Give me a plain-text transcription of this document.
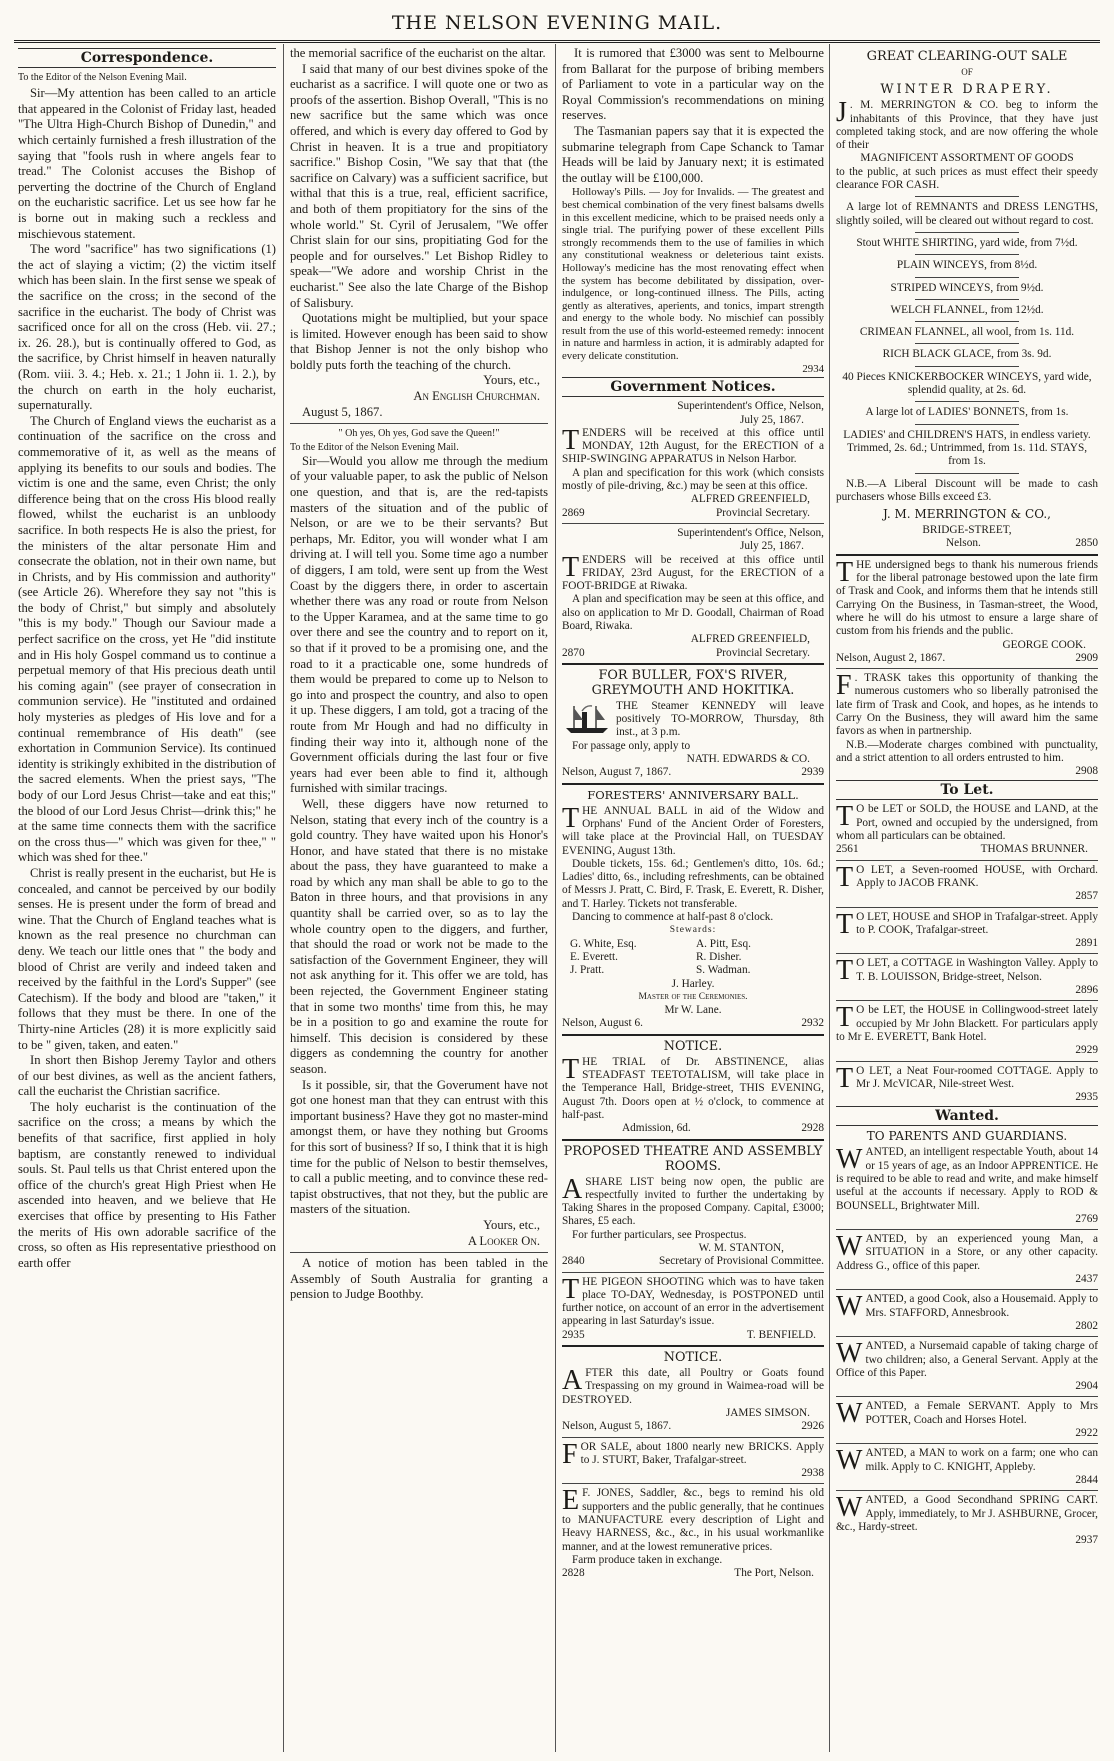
THE NELSON EVENING MAIL.
Correspondence.
To the Editor of the Nelson Evening Mail.

Sir—My attention has been called to an article that appeared in the Colonist of Friday last, headed "The Ultra High-Church Bishop of Dunedin," and which certainly furnished a fresh illustration of the saying that "fools rush in where angels fear to tread." The Colonist accuses the Bishop of perverting the doctrine of the Church of England on the eucharistic sacrifice. Let us see how far he is borne out in making such a reckless and mischievous statement.

The word "sacrifice" has two significations (1) the act of slaying a victim; (2) the victim itself which has been slain. In the first sense we speak of the sacrifice on the cross; in the second of the sacrifice in the eucharist. The body of Christ was sacrificed once for all on the cross (Heb. vii. 27.; ix. 26. 28.), but is continually offered to God, as the sacrifice, by Christ himself in heaven naturally (Rom. viii. 3. 4.; Heb. x. 21.; 1 John ii. 1. 2.), by the church on earth in the holy eucharist, supernaturally.

The Church of England views the eucharist as a continuation of the sacrifice on the cross and commemorative of it, as well as the means of applying its benefits to our souls and bodies. The victim is one and the same, even Christ; the only difference being that on the cross His blood really flowed, whilst the eucharist is an unbloody sacrifice. In both respects He is also the priest, for the ministers of the altar personate Him and consecrate the oblation, not in their own name, but in Christs, and by His commission and authority" (see Article 26). Wherefore they say not "this is the body of Christ," but simply and absolutely "this is my body." Though our Saviour made a perfect sacrifice on the cross, yet He "did institute and in His holy Gospel command us to continue a perpetual memory of that His precious death until his coming again" (see prayer of consecration in communion service). He "instituted and ordained holy mysteries as pledges of His love and for a continual remembrance of His death" (see exhortation in Communion Service). Its continued identity is strikingly exhibited in the distribution of the sacred elements. When the priest says, "The body of our Lord Jesus Christ—take and eat this;" the blood of our Lord Jesus Christ—drink this;" he at the same time connects them with the sacrifice on the cross thus—" which was given for thee," " which was shed for thee."

Christ is really present in the eucharist, but He is concealed, and cannot be perceived by our bodily senses. He is present under the form of bread and wine. That the Church of England teaches what is known as the real presence no churchman can deny. We teach our little ones that " the body and blood of Christ are verily and indeed taken and received by the faithful in the Lord's Supper" (see Catechism). If the body and blood are "taken," it follows that they must be there. In one of the Thirty-nine Articles (28) it is more explicitly said to be " given, taken, and eaten."

In short then Bishop Jeremy Taylor and others of our best divines, as well as the ancient fathers, call the eucharist the Christian sacrifice.

The holy eucharist is the continuation of the sacrifice on the cross; a means by which the benefits of that sacrifice, first applied in holy baptism, are constantly renewed to individual souls. St. Paul tells us that Christ entered upon the office of the church's great High Priest when He ascended into heaven, and we believe that He exercises that office by presenting to His Father the merits of His own adorable sacrifice of the cross, so often as His representative priesthood on earth offer

the memorial sacrifice of the eucharist on the altar.

I said that many of our best divines spoke of the eucharist as a sacrifice. I will quote one or two as proofs of the assertion. Bishop Overall, "This is no new sacrifice but the same which was once offered, and which is every day offered to God by Christ in heaven. It is a true and propitiatory sacrifice." Bishop Cosin, "We say that that (the sacrifice on Calvary) was a sufficient sacrifice, but withal that this is a true, real, efficient sacrifice, and both of them propitiatory for the sins of the whole world." St. Cyril of Jerusalem, "We offer Christ slain for our sins, propitiating God for the people and for ourselves." Let Bishop Ridley to speak—"We adore and worship Christ in the eucharist." See also the late Charge of the Bishop of Salisbury.

Quotations might be multiplied, but your space is limited. However enough has been said to show that Bishop Jenner is not the only bishop who boldly puts forth the teaching of the church.

Yours, etc.,
An English Churchman.
August 5, 1867.
" Oh yes, Oh yes, God save the Queen!"
To the Editor of the Nelson Evening Mail.

Sir—Would you allow me through the medium of your valuable paper, to ask the public of Nelson one question, and that is, are the red-tapists masters of the situation and of the public of Nelson, or are we to be their servants? But perhaps, Mr. Editor, you will wonder what I am driving at. I will tell you. Some time ago a number of diggers, I am told, were sent up from the West Coast by the diggers there, in order to ascertain whether there was any road or route from Nelson to the Upper Karamea, and at the same time to go over there and see the country and to report on it, so that if it proved to be a promising one, and the road to it a practicable one, some hundreds of them would be prepared to come up to Nelson to go into and prospect the country, and also to open it up. These diggers, I am told, got a tracing of the route from Mr Hough and had no difficulty in finding their way into it, although none of the Government officials during the last four or five years had ever been able to find it, although furnished with similar tracings.

Well, these diggers have now returned to Nelson, stating that every inch of the country is a gold country. They have waited upon his Honor's Honor, and have stated that there is no mistake about the pass, they have guaranteed to make a road by which any man shall be able to go to the Baton in three hours, and that provisions in any quantity shall be carried over, so as to lay the whole country open to the diggers, and further, that should the road or work not be made to the satisfaction of the Government Engineer, they will not ask anything for it. This offer we are told, has been rejected, the Government Engineer stating that in some two months' time from this, he may be in a position to go and examine the route for himself. This decision is considered by these diggers as condemning the country for another season.

Is it possible, sir, that the Goverument have not got one honest man that they can entrust with this important business? Have they got no master-mind amongst them, or have they nothing but Grooms for this sort of business? If so, I think that it is high time for the public of Nelson to bestir themselves, to call a public meeting, and to convince these red-tapist obstructives, that not they, but the public are masters of the situation.

Yours, etc.,
A Looker On.

A notice of motion has been tabled in the Assembly of South Australia for granting a pension to Judge Boothby.

It is rumored that £3000 was sent to Melbourne from Ballarat for the purpose of bribing members of Parliament to vote in a particular way on the Royal Commission's recommendations on mining reserves.

The Tasmanian papers say that it is expected the submarine telegraph from Cape Schanck to Tamar Heads will be laid by January next; it is estimated the outlay will be £100,000.

Holloway's Pills. — Joy for Invalids. — The greatest and best chemical combination of the very finest balsams dwells in this excellent medicine, which to be praised needs only a single trial. The purifying power of these excellent Pills strongly recommends them to the use of families in which any constitutional weakness or deleterious taint exists. Holloway's medicine has the most renovating effect when the system has become debilitated by dissipation, over-indulgence, or long-continued illness. The Pills, acting gently as alteratives, aperients, and tonics, impart strength and energy to the whole body. No mischief can possibly result from the use of this world-esteemed remedy: innocent in nature and harmless in action, it is admirably adapted for every delicate constitution.

2934
Government Notices.
Superintendent's Office, Nelson,
July 25, 1867.
TENDERS will be received at this office until MONDAY, 12th August, for the ERECTION of a SHIP-SWINGING APPARATUS in Nelson Harbor.
A plan and specification for this work (which consists mostly of pile-driving, &c.) may be seen at this office.
ALFRED GREENFIELD,
2869	Provincial Secretary.
Superintendent's Office, Nelson,
July 25, 1867.
TENDERS will be received at this office until FRIDAY, 23rd August, for the ERECTION of a FOOT-BRIDGE at Riwaka.
A plan and specification may be seen at this office, and also on application to Mr D. Goodall, Chairman of Road Board, Riwaka.
ALFRED GREENFIELD,
2870	Provincial Secretary.
FOR BULLER, FOX'S RIVER, GREYMOUTH AND HOKITIKA.
THE Steamer KENNEDY will leave positively TO-MORROW, Thursday, 8th inst., at 3 p.m.
For passage only, apply to
NATH. EDWARDS & CO.
Nelson, August 7, 1867.	2939
FORESTERS' ANNIVERSARY BALL.
THE ANNUAL BALL in aid of the Widow and Orphans' Fund of the Ancient Order of Foresters, will take place at the Provincial Hall, on TUESDAY EVENING, August 13th.
Double tickets, 15s. 6d.; Gentlemen's ditto, 10s. 6d.; Ladies' ditto, 6s., including refreshments, can be obtained of Messrs J. Pratt, C. Bird, F. Trask, E. Everett, R. Disher, and T. Harley. Tickets not transferable.
Dancing to commence at half-past 8 o'clock.
Stewards:
G. White, Esq.	A. Pitt, Esq.
E. Everett.	R. Disher.
J. Pratt.	S. Wadman.
J. Harley.
Master of the Ceremonies.
Mr W. Lane.
Nelson, August 6.	2932
NOTICE.
THE TRIAL of Dr. ABSTINENCE, alias STEADFAST TEETOTALISM, will take place in the Temperance Hall, Bridge-street, THIS EVENING, August 7th. Doors open at ½ o'clock, to commence at half-past.
Admission, 6d.	2928
PROPOSED THEATRE AND ASSEMBLY ROOMS.
ASHARE LIST being now open, the public are respectfully invited to further the undertaking by Taking Shares in the proposed Company. Capital, £3000; Shares, £5 each.
For further particulars, see Prospectus.
W. M. STANTON,
2840	Secretary of Provisional Committee.
THE PIGEON SHOOTING which was to have taken place TO-DAY, Wednesday, is POSTPONED until further notice, on account of an error in the advertisement appearing in last Saturday's issue.
2935	T. BENFIELD.
NOTICE.
AFTER this date, all Poultry or Goats found Trespassing on my ground in Waimea-road will be DESTROYED.
JAMES SIMSON.
Nelson, August 5, 1867.	2926
FOR SALE, about 1800 nearly new BRICKS. Apply to J. STURT, Baker, Trafalgar-street.
2938
E F. JONES, Saddler, &c., begs to remind his old supporters and the public generally, that he continues to MANUFACTURE every description of Light and Heavy HARNESS, &c., &c., in his usual workmanlike manner, and at the lowest remunerative prices.
Farm produce taken in exchange.
2828	The Port, Nelson.
GREAT CLEARING-OUT SALE
OF
WINTER DRAPERY.
J . M. MERRINGTON & CO. beg to inform the inhabitants of this Province, that they have just completed taking stock, and are now offering the whole of their
MAGNIFICENT ASSORTMENT OF GOODS
to the public, at such prices as must effect their speedy clearance FOR CASH.
A large lot of REMNANTS and DRESS LENGTHS, slightly soiled, will be cleared out without regard to cost.
Stout WHITE SHIRTING, yard wide, from 7½d.
PLAIN WINCEYS, from 8½d.
STRIPED WINCEYS, from 9½d.
WELCH FLANNEL, from 12½d.
CRIMEAN FLANNEL, all wool, from 1s. 11d.
RICH BLACK GLACE, from 3s. 9d.
40 Pieces KNICKERBOCKER WINCEYS, yard wide, splendid quality, at 2s. 6d.
A large lot of LADIES' BONNETS, from 1s.
LADIES' and CHILDREN'S HATS, in endless variety. Trimmed, 2s. 6d.; Untrimmed, from 1s. 11d. STAYS, from 1s.
N.B.—A Liberal Discount will be made to cash purchasers whose Bills exceed £3.
J. M. MERRINGTON & CO.,
BRIDGE-STREET,
Nelson.	2850
THE undersigned begs to thank his numerous friends for the liberal patronage bestowed upon the late firm of Trask and Cook, and informs them that he intends still Carrying On the Business, in Tasman-street, the Wood, where he will do his utmost to ensure a large share of custom from his friends and the public.
GEORGE COOK.
Nelson, August 2, 1867.	2909
F . TRASK takes this opportunity of thanking the numerous customers who so liberally patronised the late firm of Trask and Cook, and hopes, as he intends to Carry On the Business, they will award him the same favors as when in partnership.
N.B.—Moderate charges combined with punctuality, and a strict attention to all orders entrusted to him.
2908
To Let.
T O be LET or SOLD, the HOUSE and LAND, at the Port, owned and occupied by the undersigned, from whom all particulars can be obtained.
2561	THOMAS BRUNNER.
T O LET, a Seven-roomed HOUSE, with Orchard. Apply to JACOB FRANK.
2857
T O LET, HOUSE and SHOP in Trafalgar-street. Apply to P. COOK, Trafalgar-street.
2891
T O LET, a COTTAGE in Washington Valley. Apply to T. B. LOUISSON, Bridge-street, Nelson.
2896
T O be LET, the HOUSE in Collingwood-street lately occupied by Mr John Blackett. For particulars apply to Mr E. EVERETT, Bank Hotel.
2929
T O LET, a Neat Four-roomed COTTAGE. Apply to Mr J. McVICAR, Nile-street West.
2935
Wanted.
TO PARENTS AND GUARDIANS.
WANTED, an intelligent respectable Youth, about 14 or 15 years of age, as an Indoor APPRENTICE. He is required to be able to read and write, and make himself useful at the accounts if necessary. Apply to ROD & BOUNSELL, Brightwater Mill.
2769
WANTED, by an experienced young Man, a SITUATION in a Store, or any other capacity. Address G., office of this paper.
2437
WANTED, a good Cook, also a Housemaid. Apply to Mrs. STAFFORD, Annesbrook.
2802
WANTED, a Nursemaid capable of taking charge of two children; also, a General Servant. Apply at the Office of this Paper.
2904
WANTED, a Female SERVANT. Apply to Mrs POTTER, Coach and Horses Hotel.
2922
WANTED, a MAN to work on a farm; one who can milk. Apply to C. KNIGHT, Appleby.
2844
WANTED, a Good Secondhand SPRING CART. Apply, immediately, to Mr J. ASHBURNE, Grocer, &c., Hardy-street.
2937
